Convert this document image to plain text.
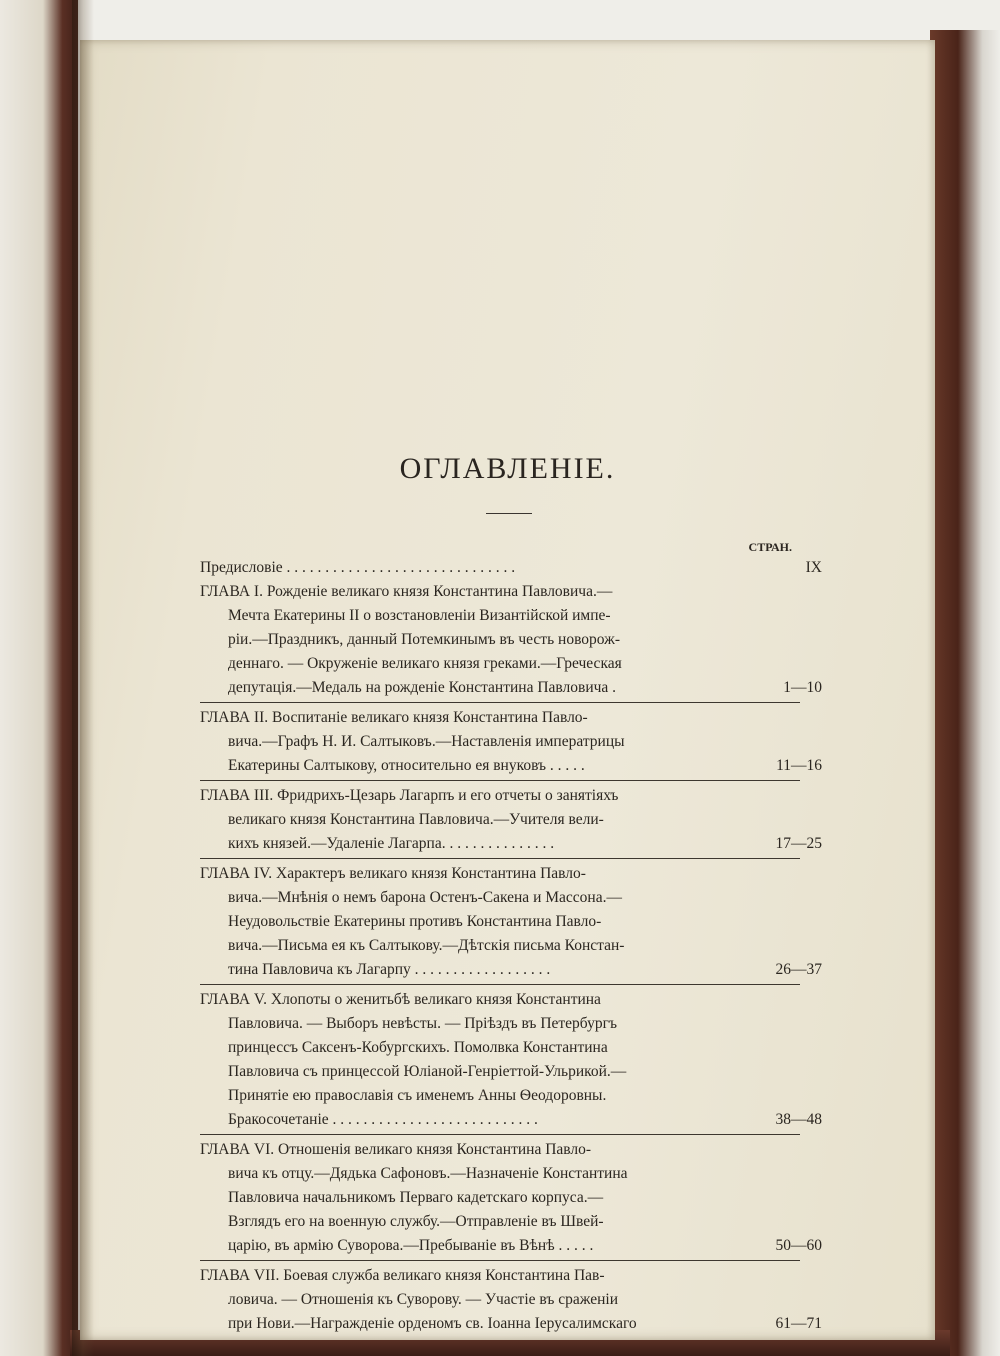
ОГЛАВЛЕНІЕ.
СТРАН.
Предисловіе . . . . . . . . . . . . . . . . . . . . . . . . . . . . . .	IX
ГЛАВА I. Рожденіе великаго князя Константина Павловича.—
Мечта Екатерины II о возстановленіи Византійской импе-
ріи.—Праздникъ, данный Потемкинымъ въ честь новорож-
деннаго. — Окруженіе великаго князя греками.—Греческая
депутація.—Медаль на рожденіе Константина Павловича .	1—10
ГЛАВА II. Воспитаніе великаго князя Константина Павло-
вича.—Графъ Н. И. Салтыковъ.—Наставленія императрицы
Екатерины Салтыкову, относительно ея внуковъ . . . . .	11—16
ГЛАВА III. Фридрихъ-Цезарь Лагарпъ и его отчеты о занятіяхъ
великаго князя Константина Павловича.—Учителя вели-
кихъ князей.—Удаленіе Лагарпа. . . . . . . . . . . . . . .	17—25
ГЛАВА IV. Характеръ великаго князя Константина Павло-
вича.—Мнѣнія о немъ барона Остенъ-Сакена и Массона.—
Неудовольствіе Екатерины противъ Константина Павло-
вича.—Письма ея къ Салтыкову.—Дѣтскія письма Констан-
тина Павловича къ Лагарпу . . . . . . . . . . . . . . . . . .	26—37
ГЛАВА V. Хлопоты о женитьбѣ великаго князя Константина
Павловича. — Выборъ невѣсты. — Пріѣздъ въ Петербургъ
принцессъ Саксенъ-Кобургскихъ. Помолвка Константина
Павловича съ принцессой Юліаной-Генріеттой-Ульрикой.—
Принятіе ею православія съ именемъ Анны Ѳеодоровны.
Бракосочетаніе . . . . . . . . . . . . . . . . . . . . . . . . . . .	38—48
ГЛАВА VI. Отношенія великаго князя Константина Павло-
вича къ отцу.—Дядька Сафоновъ.—Назначеніе Константина
Павловича начальникомъ Перваго кадетскаго корпуса.—
Взглядъ его на военную службу.—Отправленіе въ Швей-
царію, въ армію Суворова.—Пребываніе въ Вѣнѣ . . . . .	50—60
ГЛАВА VII. Боевая служба великаго князя Константина Пав-
ловича. — Отношенія къ Суворову. — Участіе въ сраженіи
при Нови.—Награжденіе орденомъ св. Іоанна Іерусалимскаго	61—71
